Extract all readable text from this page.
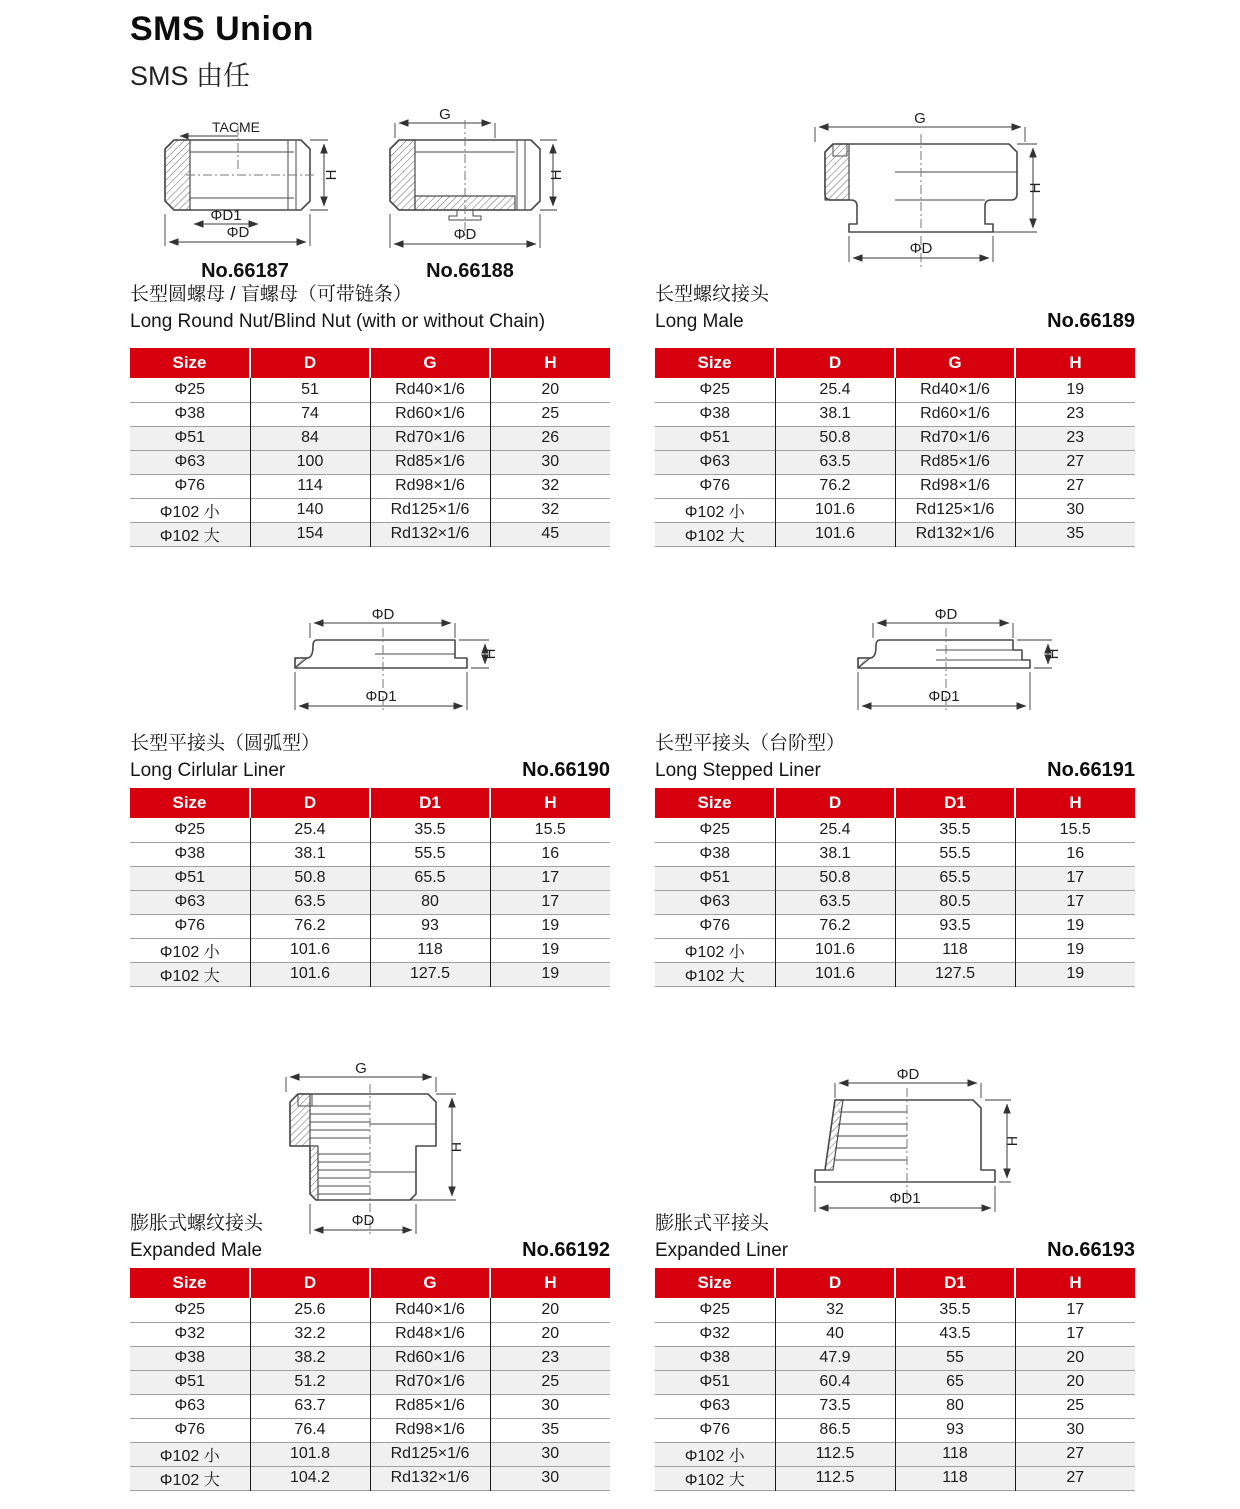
SMS Union
SMS 由任
TACME
H
ΦD1
ΦD
No.66187
G
H
ΦD
No.66188
G
H
ΦD
ΦD
H
ΦD1
ΦD
H
ΦD1
G
H
ΦD
ΦD
H
ΦD1
长型圆螺母 / 盲螺母（可带链条）
Long Round Nut/Blind Nut (with or without Chain)
长型螺纹接头
Long Male	No.66189
长型平接头（圆弧型）
Long Cirlular Liner	No.66190
长型平接头（台阶型）
Long Stepped Liner	No.66191
膨胀式螺纹接头
Expanded Male	No.66192
膨胀式平接头
Expanded Liner	No.66193
Size	D	G	H
Φ25	51	Rd40×1/6	20
Φ38	74	Rd60×1/6	25
Φ51	84	Rd70×1/6	26
Φ63	100	Rd85×1/6	30
Φ76	114	Rd98×1/6	32
Φ102 小	140	Rd125×1/6	32
Φ102 大	154	Rd132×1/6	45
Size	D	G	H
Φ25	25.4	Rd40×1/6	19
Φ38	38.1	Rd60×1/6	23
Φ51	50.8	Rd70×1/6	23
Φ63	63.5	Rd85×1/6	27
Φ76	76.2	Rd98×1/6	27
Φ102 小	101.6	Rd125×1/6	30
Φ102 大	101.6	Rd132×1/6	35
Size	D	D1	H
Φ25	25.4	35.5	15.5
Φ38	38.1	55.5	16
Φ51	50.8	65.5	17
Φ63	63.5	80	17
Φ76	76.2	93	19
Φ102 小	101.6	118	19
Φ102 大	101.6	127.5	19
Size	D	D1	H
Φ25	25.4	35.5	15.5
Φ38	38.1	55.5	16
Φ51	50.8	65.5	17
Φ63	63.5	80.5	17
Φ76	76.2	93.5	19
Φ102 小	101.6	118	19
Φ102 大	101.6	127.5	19
Size	D	G	H
Φ25	25.6	Rd40×1/6	20
Φ32	32.2	Rd48×1/6	20
Φ38	38.2	Rd60×1/6	23
Φ51	51.2	Rd70×1/6	25
Φ63	63.7	Rd85×1/6	30
Φ76	76.4	Rd98×1/6	35
Φ102 小	101.8	Rd125×1/6	30
Φ102 大	104.2	Rd132×1/6	30
Size	D	D1	H
Φ25	32	35.5	17
Φ32	40	43.5	17
Φ38	47.9	55	20
Φ51	60.4	65	20
Φ63	73.5	80	25
Φ76	86.5	93	30
Φ102 小	112.5	118	27
Φ102 大	112.5	118	27
